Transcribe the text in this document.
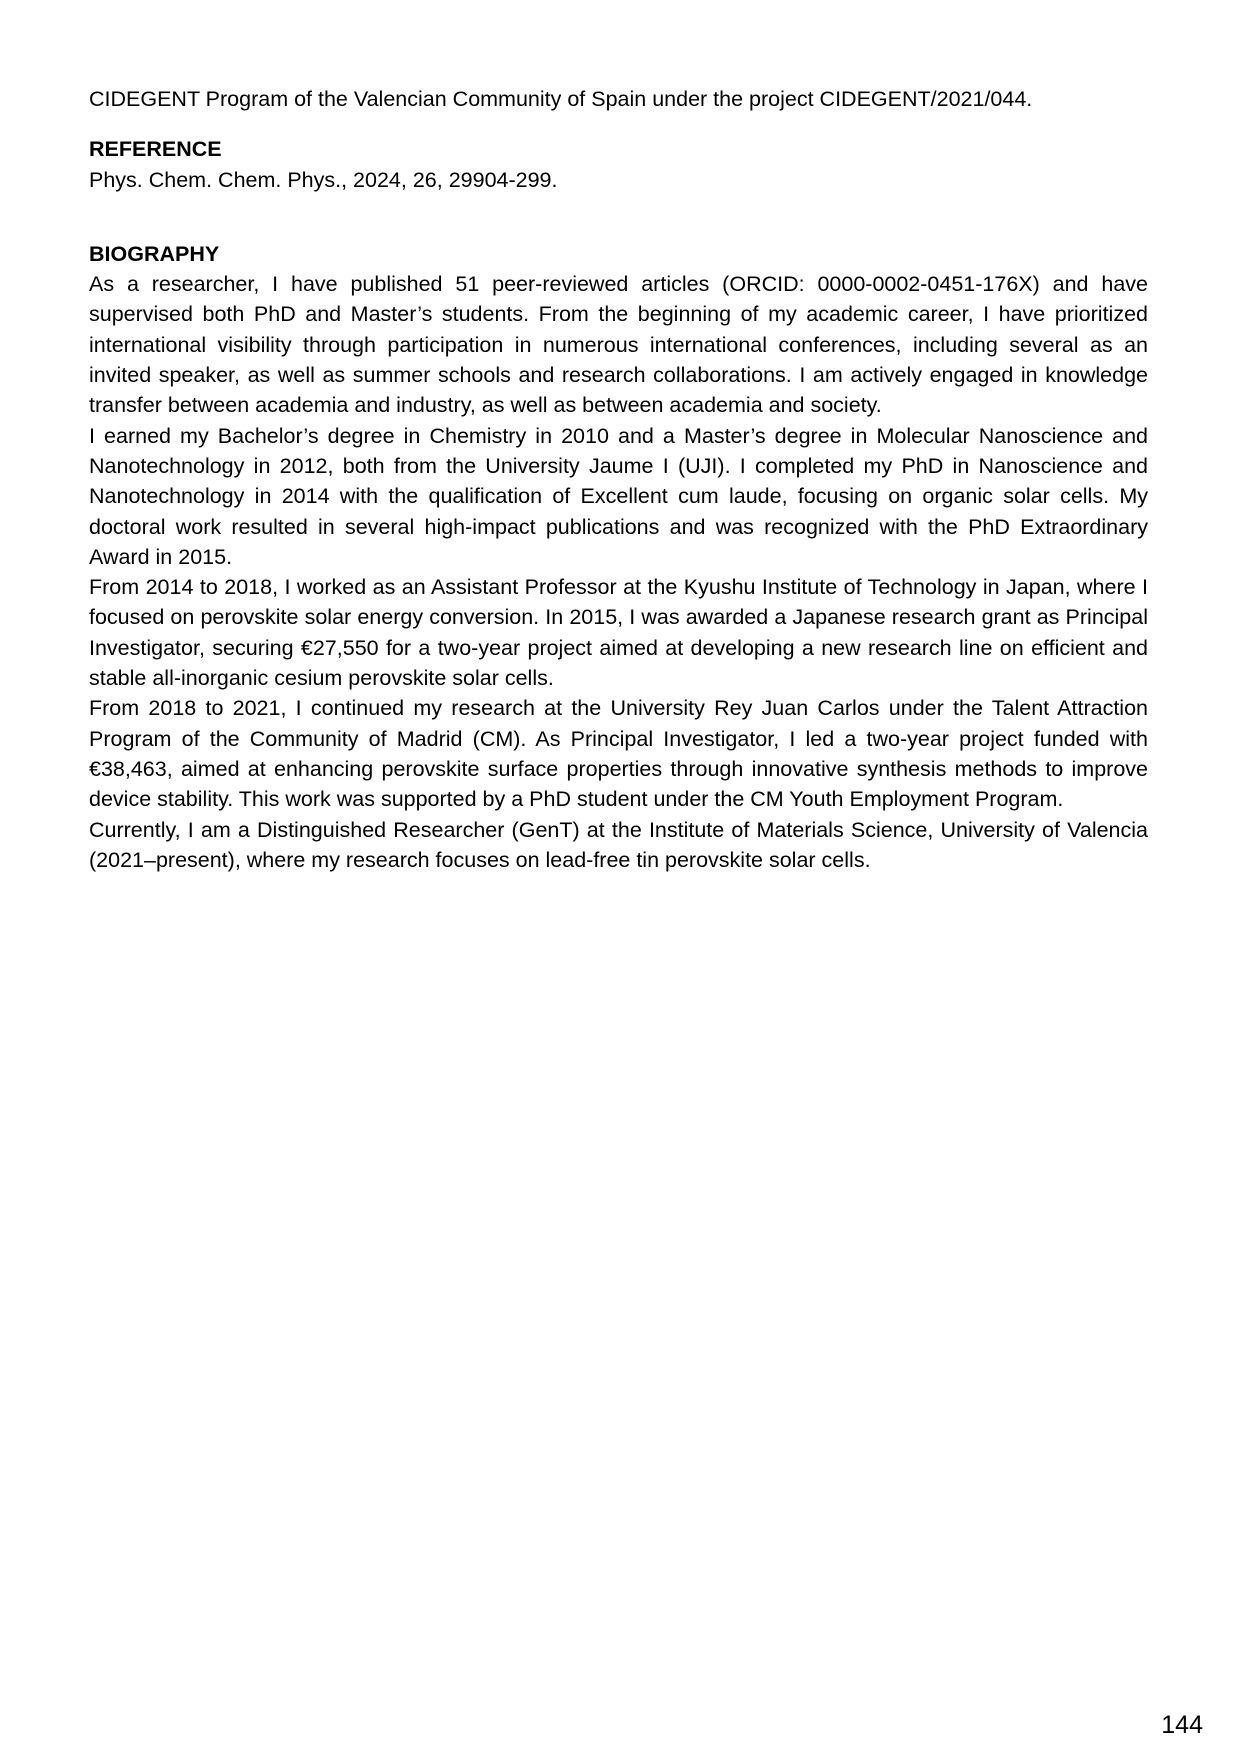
CIDEGENT Program of the Valencian Community of Spain under the project CIDEGENT/2021/044.

REFERENCE

Phys. Chem. Chem. Phys., 2024, 26, 29904-299.

BIOGRAPHY

As a researcher, I have published 51 peer-reviewed articles (ORCID: 0000-0002-0451-176X) and have supervised both PhD and Master’s students. From the beginning of my academic career, I have prioritized international visibility through participation in numerous international conferences, including several as an invited speaker, as well as summer schools and research collaborations. I am actively engaged in knowledge transfer between academia and industry, as well as between academia and society.

I earned my Bachelor’s degree in Chemistry in 2010 and a Master’s degree in Molecular Nanoscience and Nanotechnology in 2012, both from the University Jaume I (UJI). I completed my PhD in Nanoscience and Nanotechnology in 2014 with the qualification of Excellent cum laude, focusing on organic solar cells. My doctoral work resulted in several high-impact publications and was recognized with the PhD Extraordinary Award in 2015.

From 2014 to 2018, I worked as an Assistant Professor at the Kyushu Institute of Technology in Japan, where I focused on perovskite solar energy conversion. In 2015, I was awarded a Japanese research grant as Principal Investigator, securing €27,550 for a two-year project aimed at developing a new research line on efficient and stable all-inorganic cesium perovskite solar cells.

From 2018 to 2021, I continued my research at the University Rey Juan Carlos under the Talent Attraction Program of the Community of Madrid (CM). As Principal Investigator, I led a two-year project funded with €38,463, aimed at enhancing perovskite surface properties through innovative synthesis methods to improve device stability. This work was supported by a PhD student under the CM Youth Employment Program.

Currently, I am a Distinguished Researcher (GenT) at the Institute of Materials Science, University of Valencia (2021–present), where my research focuses on lead-free tin perovskite solar cells.

144
